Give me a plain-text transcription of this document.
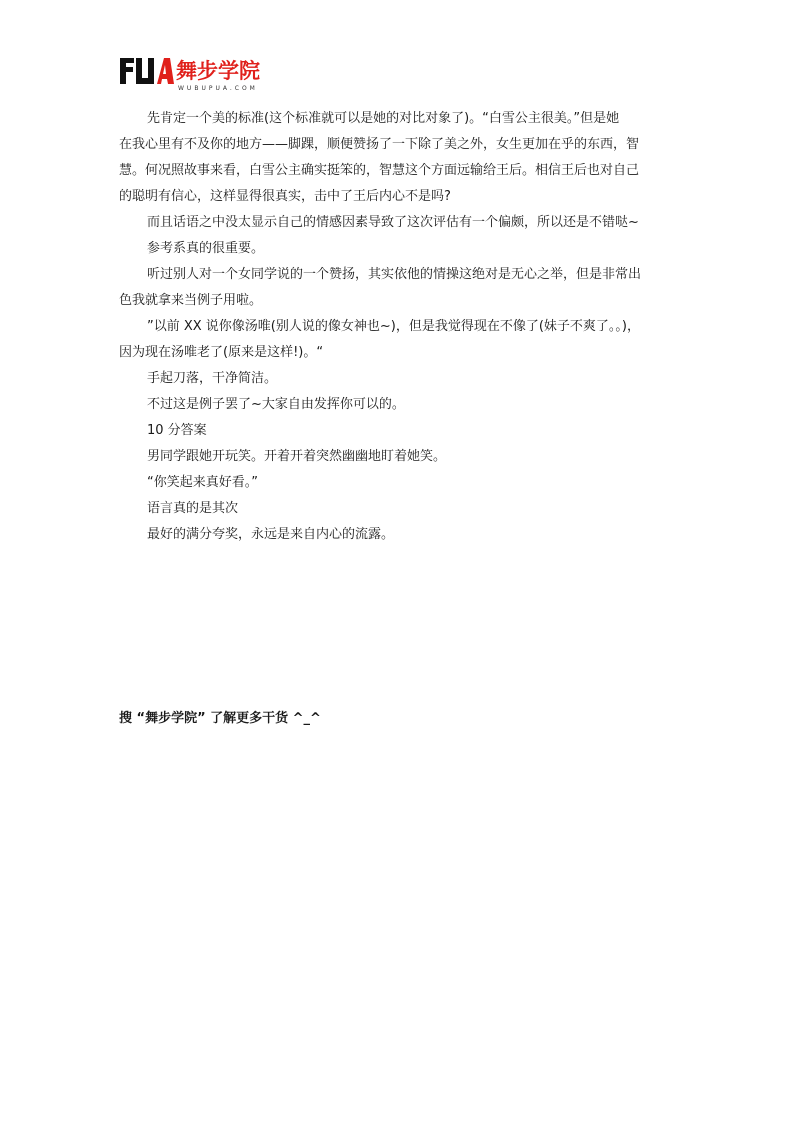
舞步学院
WUBUPUA.COM

先肯定一个美的标准(这个标准就可以是她的对比对象了)。“白雪公主很美。”但是她

在我心里有不及你的地方——脚踝，顺便赞扬了一下除了美之外，女生更加在乎的东西，智

慧。何况照故事来看，白雪公主确实挺笨的，智慧这个方面远输给王后。相信王后也对自己

的聪明有信心，这样显得很真实，击中了王后内心不是吗?

而且话语之中没太显示自己的情感因素导致了这次评估有一个偏颇，所以还是不错哒~

参考系真的很重要。

听过别人对一个女同学说的一个赞扬，其实依他的情操这绝对是无心之举，但是非常出

色我就拿来当例子用啦。

”以前 XX 说你像汤唯(别人说的像女神也~)，但是我觉得现在不像了(妹子不爽了。。)，

因为现在汤唯老了(原来是这样!)。“

手起刀落，干净简洁。

不过这是例子罢了~大家自由发挥你可以的。

10 分答案

男同学跟她开玩笑。开着开着突然幽幽地盯着她笑。

“你笑起来真好看。”

语言真的是其次

最好的满分夸奖，永远是来自内心的流露。

搜 “舞步学院” 了解更多干货 ^_^
